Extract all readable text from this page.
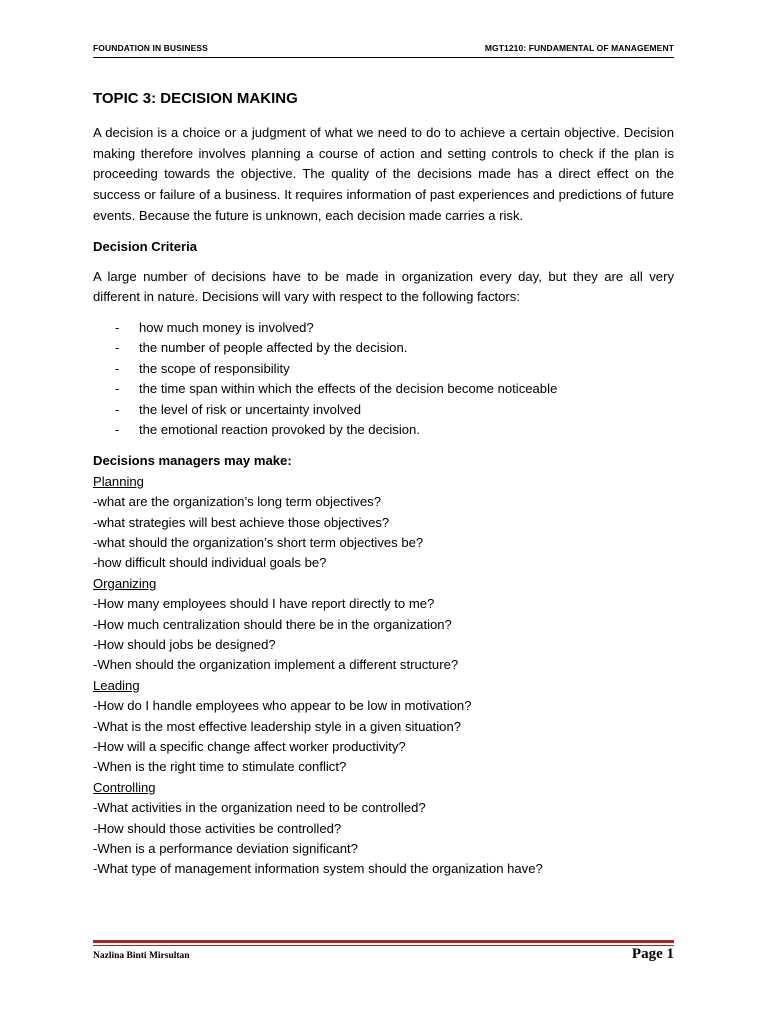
FOUNDATION IN BUSINESS	MGT1210: FUNDAMENTAL OF MANAGEMENT
TOPIC 3: DECISION MAKING

A decision is a choice or a judgment of what we need to do to achieve a certain objective. Decision making therefore involves planning a course of action and setting controls to check if the plan is proceeding towards the objective. The quality of the decisions made has a direct effect on the success or failure of a business. It requires information of past experiences and predictions of future events. Because the future is unknown, each decision made carries a risk.

Decision Criteria

A large number of decisions have to be made in organization every day, but they are all very different in nature. Decisions will vary with respect to the following factors:

- how much money is involved?
- the number of people affected by the decision.
- the scope of responsibility
- the time span within which the effects of the decision become noticeable
- the level of risk or uncertainty involved
- the emotional reaction provoked by the decision.
Decisions managers may make:
Planning
-what are the organization’s long term objectives?
-what strategies will best achieve those objectives?
-what should the organization’s short term objectives be?
-how difficult should individual goals be?
Organizing
-How many employees should I have report directly to me?
-How much centralization should there be in the organization?
-How should jobs be designed?
-When should the organization implement a different structure?
Leading
-How do I handle employees who appear to be low in motivation?
-What is the most effective leadership style in a given situation?
-How will a specific change affect worker productivity?
-When is the right time to stimulate conflict?
Controlling
-What activities in the organization need to be controlled?
-How should those activities be controlled?
-When is a performance deviation significant?
-What type of management information system should the organization have?
Nazlina Binti Mirsultan	Page 1
